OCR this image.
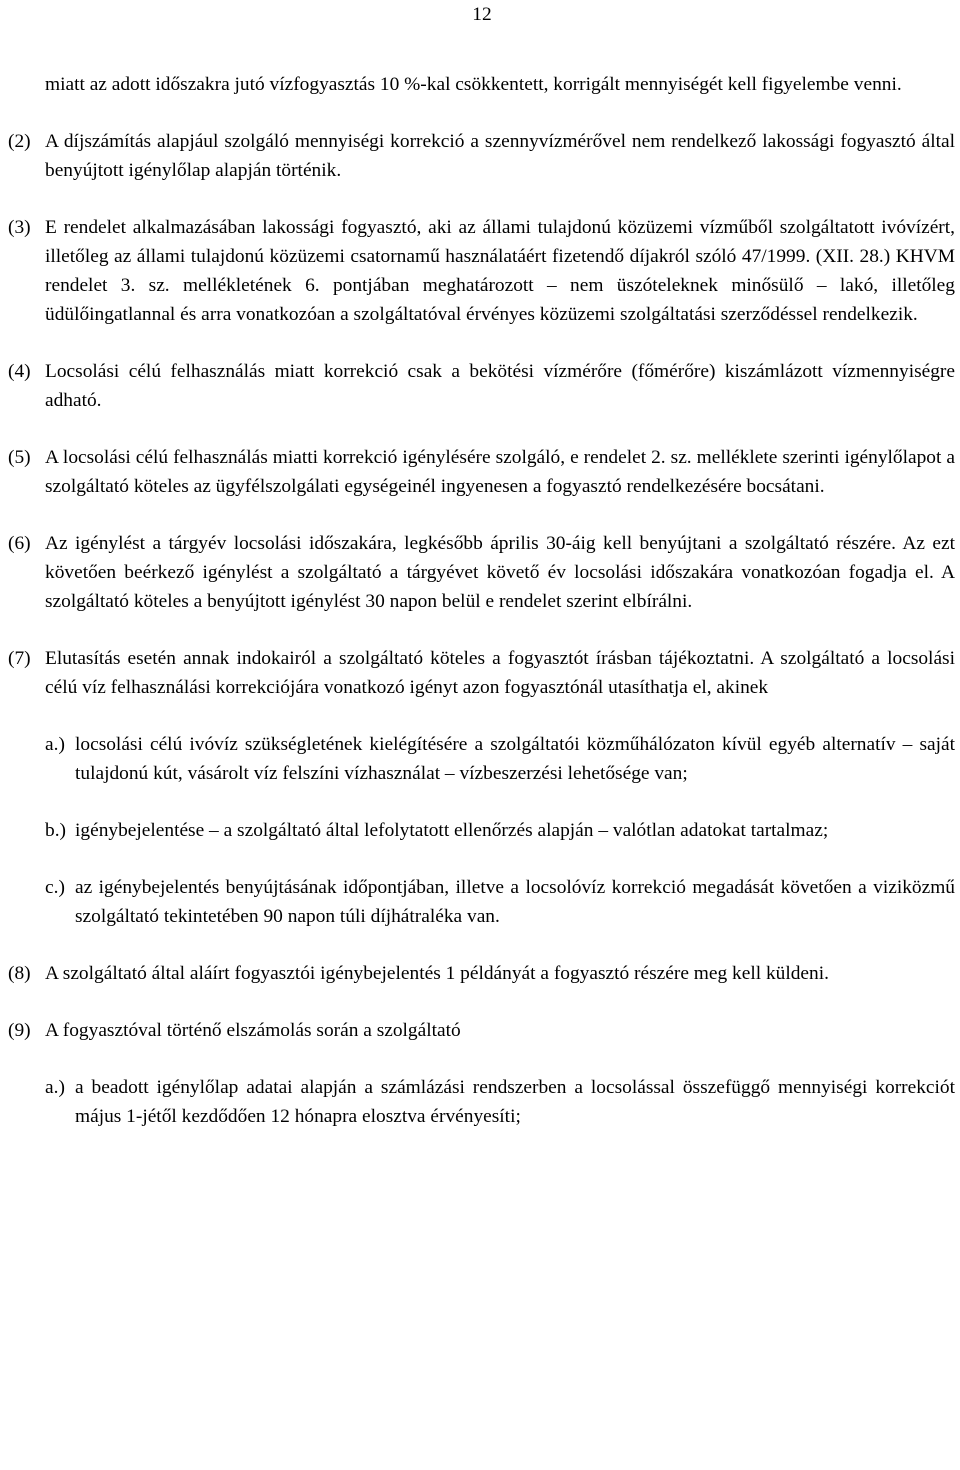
12

miatt az adott időszakra jutó vízfogyasztás 10 %-kal csökkentett, korrigált mennyiségét kell figyelembe venni.

(2) A díjszámítás alapjául szolgáló mennyiségi korrekció a szennyvízmérővel nem rendelkező lakossági fogyasztó által benyújtott igénylőlap alapján történik.
(3) E rendelet alkalmazásában lakossági fogyasztó, aki az állami tulajdonú közüzemi vízműből szolgáltatott ivóvízért, illetőleg az állami tulajdonú közüzemi csatornamű használatáért fizetendő díjakról szóló 47/1999. (XII. 28.) KHVM rendelet 3. sz. mellékletének 6. pontjában meghatározott – nem üszóteleknek minősülő – lakó, illetőleg üdülőingatlannal és arra vonatkozóan a szolgáltatóval érvényes közüzemi szolgáltatási szerződéssel rendelkezik.
(4) Locsolási célú felhasználás miatt korrekció csak a bekötési vízmérőre (főmérőre) kiszámlázott vízmennyiségre adható.
(5) A locsolási célú felhasználás miatti korrekció igénylésére szolgáló, e rendelet 2. sz. melléklete szerinti igénylőlapot a szolgáltató köteles az ügyfélszolgálati egységeinél ingyenesen a fogyasztó rendelkezésére bocsátani.
(6) Az igénylést a tárgyév locsolási időszakára, legkésőbb április 30-áig kell benyújtani a szolgáltató részére. Az ezt követően beérkező igénylést a szolgáltató a tárgyévet követő év locsolási időszakára vonatkozóan fogadja el. A szolgáltató köteles a benyújtott igénylést 30 napon belül e rendelet szerint elbírálni.
(7) Elutasítás esetén annak indokairól a szolgáltató köteles a fogyasztót írásban tájékoztatni. A szolgáltató a locsolási célú víz felhasználási korrekciójára vonatkozó igényt azon fogyasztónál utasíthatja el, akinek
a.) locsolási célú ivóvíz szükségletének kielégítésére a szolgáltatói közműhálózaton kívül egyéb alternatív – saját tulajdonú kút, vásárolt víz felszíni vízhasználat – vízbeszerzési lehetősége van;
b.) igénybejelentése – a szolgáltató által lefolytatott ellenőrzés alapján – valótlan adatokat tartalmaz;
c.) az igénybejelentés benyújtásának időpontjában, illetve a locsolóvíz korrekció megadását követően a viziközmű szolgáltató tekintetében 90 napon túli díjhátraléka van.
(8) A szolgáltató által aláírt fogyasztói igénybejelentés 1 példányát a fogyasztó részére meg kell küldeni.
(9) A fogyasztóval történő elszámolás során a szolgáltató
a.) a beadott igénylőlap adatai alapján a számlázási rendszerben a locsolással összefüggő mennyiségi korrekciót május 1-jétől kezdődően 12 hónapra elosztva érvényesíti;
